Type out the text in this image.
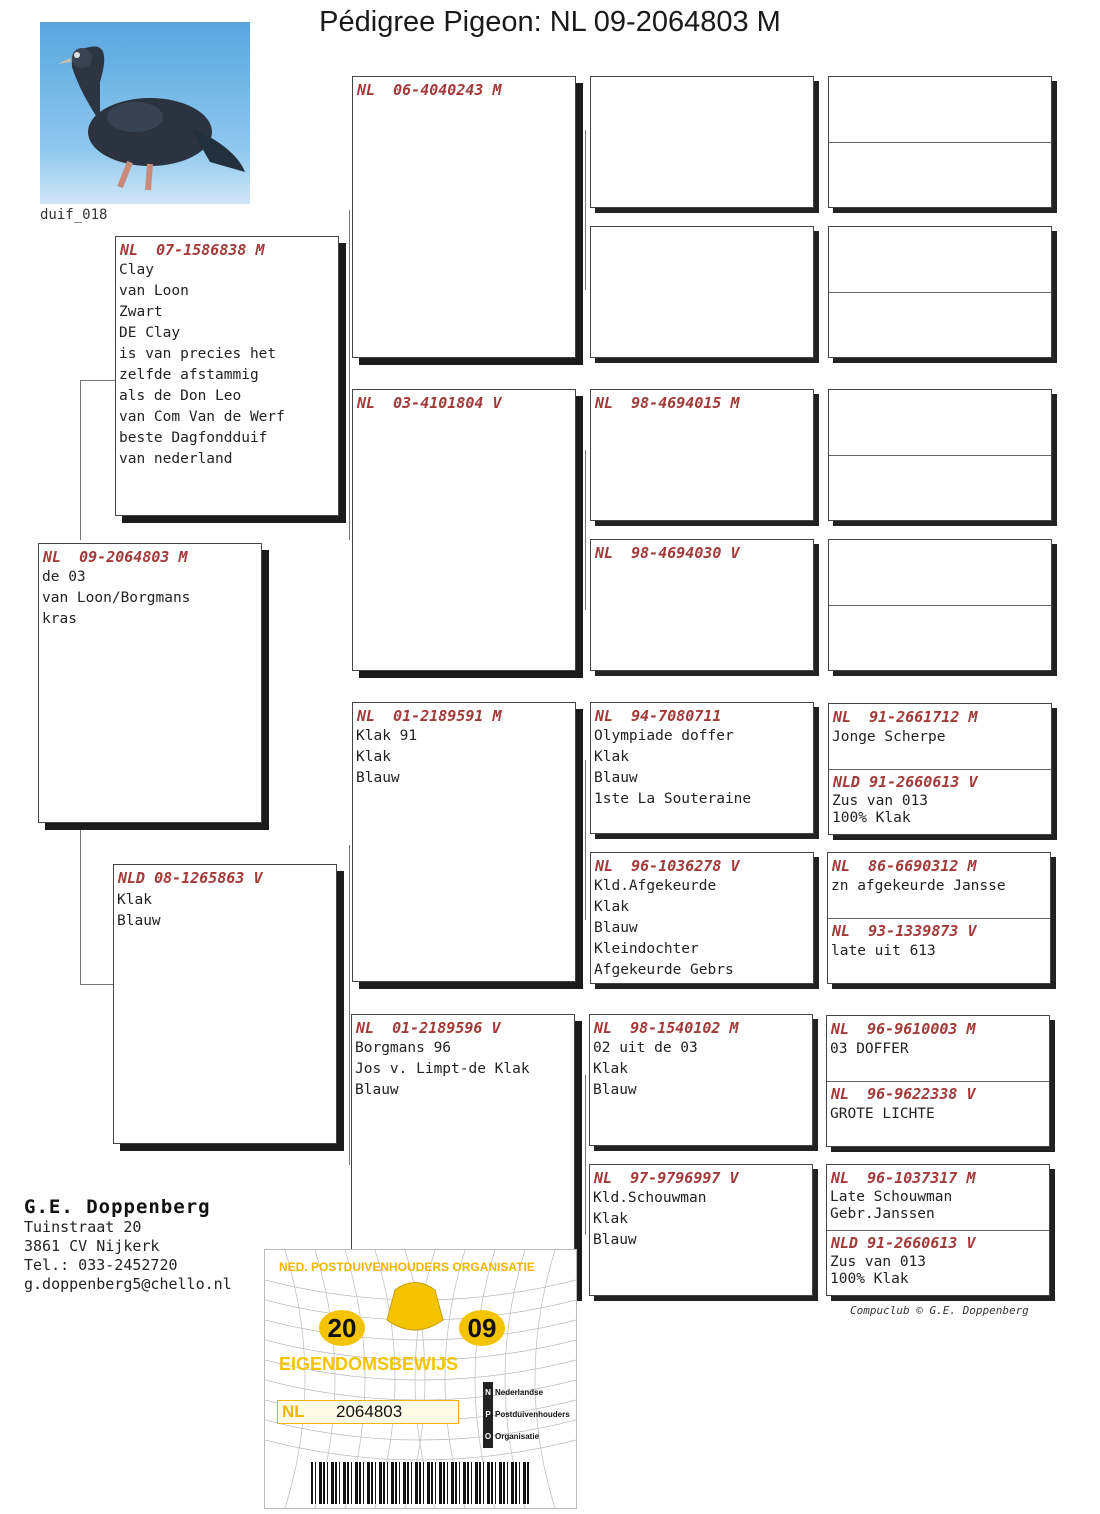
Pédigree Pigeon: NL 09-2064803 M
duif_018
NL  09-2064803 M
de 03
van Loon/Borgmans
kras
NL  07-1586838 M
Clay
van Loon
Zwart
DE Clay
is van precies het
zelfde afstammig
als de Don Leo
van Com Van de Werf
beste Dagfondduif
van nederland
NLD 08-1265863 V
Klak
Blauw
NL  06-4040243 M
NL  03-4101804 V
NL  01-2189591 M
Klak 91
Klak
Blauw
NL  01-2189596 V
Borgmans 96
Jos v. Limpt-de Klak
Blauw
NL  98-4694015 M
NL  98-4694030 V
NL  94-7080711
Olympiade doffer
Klak
Blauw
1ste La Souteraine
NL  96-1036278 V
Kld.Afgekeurde
Klak
Blauw
Kleindochter
Afgekeurde Gebrs
NL  98-1540102 M
02 uit de 03
Klak
Blauw
NL  97-9796997 V
Kld.Schouwman
Klak
Blauw
NL  91-2661712 M
Jonge Scherpe
NLD 91-2660613 V
Zus van 013
100% Klak
NL  86-6690312 M
zn afgekeurde Jansse
NL  93-1339873 V
late uit 613
NL  96-9610003 M
03 DOFFER
NL  96-9622338 V
GROTE LICHTE
NL  96-1037317 M
Late Schouwman
Gebr.Janssen
NLD 91-2660613 V
Zus van 013
100% Klak
Compuclub © G.E. Doppenberg
G.E. Doppenberg
Tuinstraat 20
3861 CV Nijkerk
Tel.: 033-2452720
g.doppenberg5@chello.nl
NED. POSTDUIVENHOUDERS ORGANISATIE
20	09
EIGENDOMSBEWIJS
NL 2064803
N Nederlandse
P Postduivenhouders
O Organisatie
